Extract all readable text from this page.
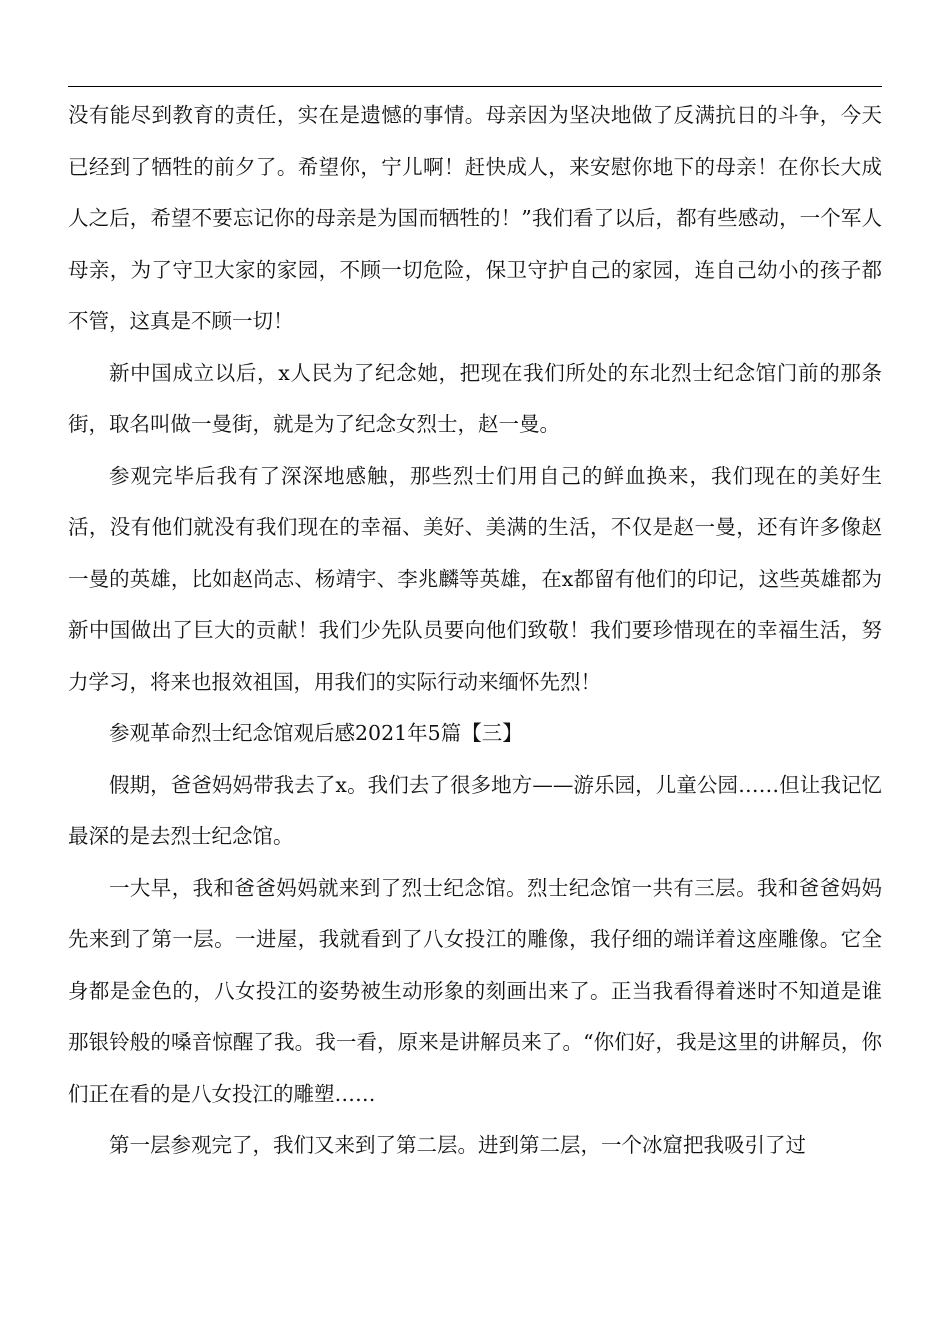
没有能尽到教育的责任，实在是遗憾的事情。母亲因为坚决地做了反满抗日的斗争，今天已经到了牺牲的前夕了。希望你，宁儿啊！赶快成人，来安慰你地下的母亲！在你长大成人之后，希望不要忘记你的母亲是为国而牺牲的！”我们看了以后，都有些感动，一个军人母亲，为了守卫大家的家园，不顾一切危险，保卫守护自己的家园，连自己幼小的孩子都不管，这真是不顾一切！

新中国成立以后，x人民为了纪念她，把现在我们所处的东北烈士纪念馆门前的那条街，取名叫做一曼街，就是为了纪念女烈士，赵一曼。

参观完毕后我有了深深地感触，那些烈士们用自己的鲜血换来，我们现在的美好生活，没有他们就没有我们现在的幸福、美好、美满的生活，不仅是赵一曼，还有许多像赵一曼的英雄，比如赵尚志、杨靖宇、李兆麟等英雄，在x都留有他们的印记，这些英雄都为新中国做出了巨大的贡献！我们少先队员要向他们致敬！我们要珍惜现在的幸福生活，努力学习，将来也报效祖国，用我们的实际行动来缅怀先烈！

参观革命烈士纪念馆观后感2021年5篇【三】

假期，爸爸妈妈带我去了x。我们去了很多地方——游乐园，儿童公园……但让我记忆最深的是去烈士纪念馆。

一大早，我和爸爸妈妈就来到了烈士纪念馆。烈士纪念馆一共有三层。我和爸爸妈妈先来到了第一层。一进屋，我就看到了八女投江的雕像，我仔细的端详着这座雕像。它全身都是金色的，八女投江的姿势被生动形象的刻画出来了。正当我看得着迷时不知道是谁那银铃般的嗓音惊醒了我。我一看，原来是讲解员来了。“你们好，我是这里的讲解员，你们正在看的是八女投江的雕塑……

第一层参观完了，我们又来到了第二层。进到第二层，一个冰窟把我吸引了过
